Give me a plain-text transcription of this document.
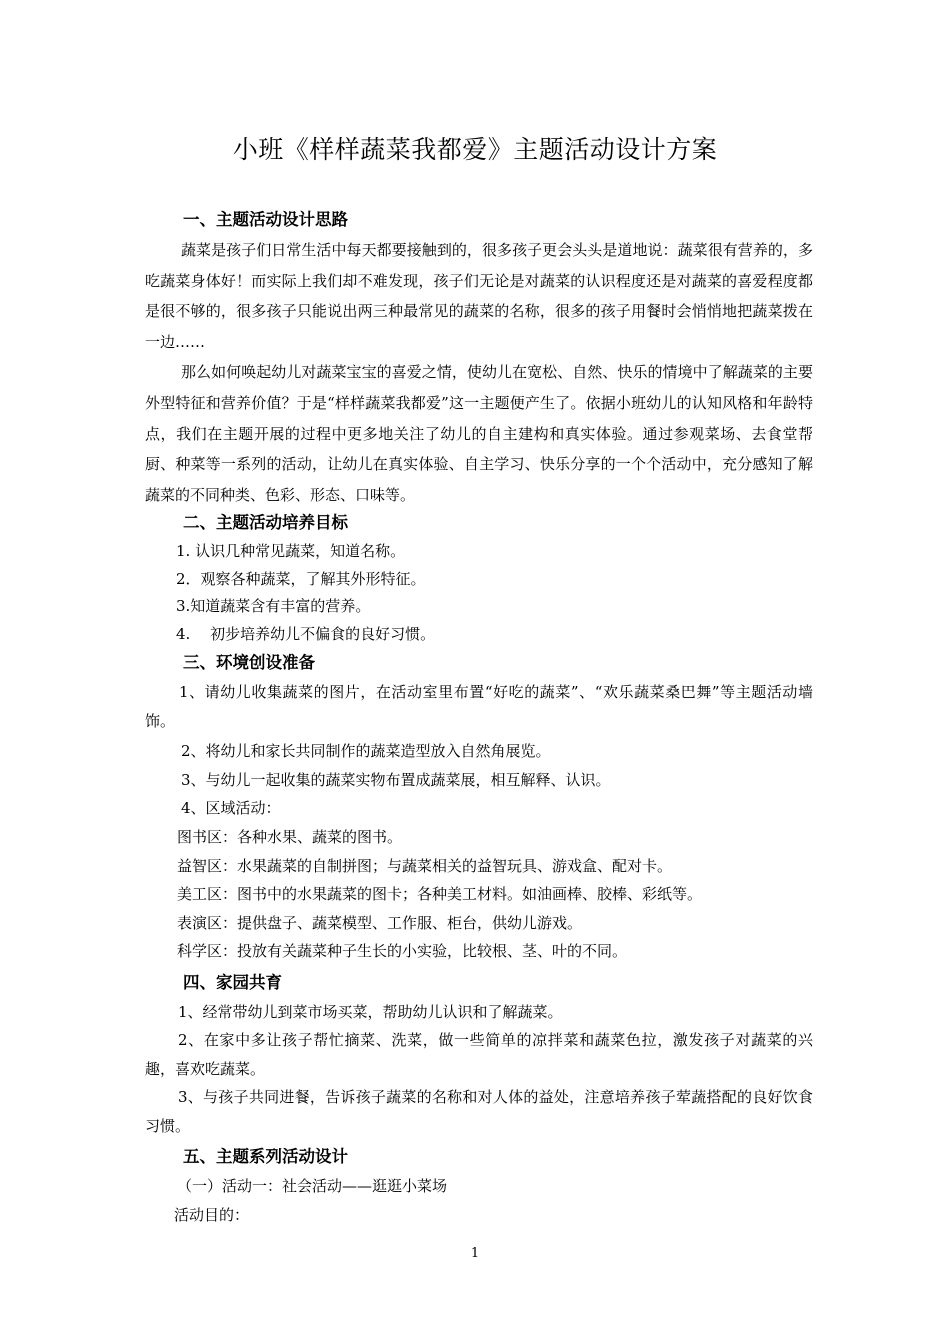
小班《样样蔬菜我都爱》主题活动设计方案
一、主题活动设计思路

蔬菜是孩子们日常生活中每天都要接触到的，很多孩子更会头头是道地说：蔬菜很有营养的，多吃蔬菜身体好！而实际上我们却不难发现，孩子们无论是对蔬菜的认识程度还是对蔬菜的喜爱程度都是很不够的，很多孩子只能说出两三种最常见的蔬菜的名称，很多的孩子用餐时会悄悄地把蔬菜拨在一边……

那么如何唤起幼儿对蔬菜宝宝的喜爱之情，使幼儿在宽松、自然、快乐的情境中了解蔬菜的主要外型特征和营养价值？于是“样样蔬菜我都爱”这一主题便产生了。依据小班幼儿的认知风格和年龄特点，我们在主题开展的过程中更多地关注了幼儿的自主建构和真实体验。通过参观菜场、去食堂帮厨、种菜等一系列的活动，让幼儿在真实体验、自主学习、快乐分享的一个个活动中，充分感知了解蔬菜的不同种类、色彩、形态、口味等。

二、主题活动培养目标
1. 认识几种常见蔬菜，知道名称。
2．观察各种蔬菜，了解其外形特征。
3.知道蔬菜含有丰富的营养。
4.　 初步培养幼儿不偏食的良好习惯。
三、环境创设准备

1、请幼儿收集蔬菜的图片，在活动室里布置“好吃的蔬菜”、“欢乐蔬菜桑巴舞”等主题活动墙饰。

2、将幼儿和家长共同制作的蔬菜造型放入自然角展览。
3、与幼儿一起收集的蔬菜实物布置成蔬菜展，相互解释、认识。
4、区域活动：
图书区：各种水果、蔬菜的图书。
益智区：水果蔬菜的自制拼图；与蔬菜相关的益智玩具、游戏盒、配对卡。
美工区：图书中的水果蔬菜的图卡；各种美工材料。如油画棒、胶棒、彩纸等。
表演区：提供盘子、蔬菜模型、工作服、柜台，供幼儿游戏。
科学区：投放有关蔬菜种子生长的小实验，比较根、茎、叶的不同。
四、家园共育
1、经常带幼儿到菜市场买菜，帮助幼儿认识和了解蔬菜。

2、在家中多让孩子帮忙摘菜、洗菜，做一些简单的凉拌菜和蔬菜色拉，激发孩子对蔬菜的兴趣，喜欢吃蔬菜。

3、与孩子共同进餐，告诉孩子蔬菜的名称和对人体的益处，注意培养孩子荤蔬搭配的良好饮食习惯。

五、主题系列活动设计
（一）活动一：社会活动——逛逛小菜场
活动目的：
1
